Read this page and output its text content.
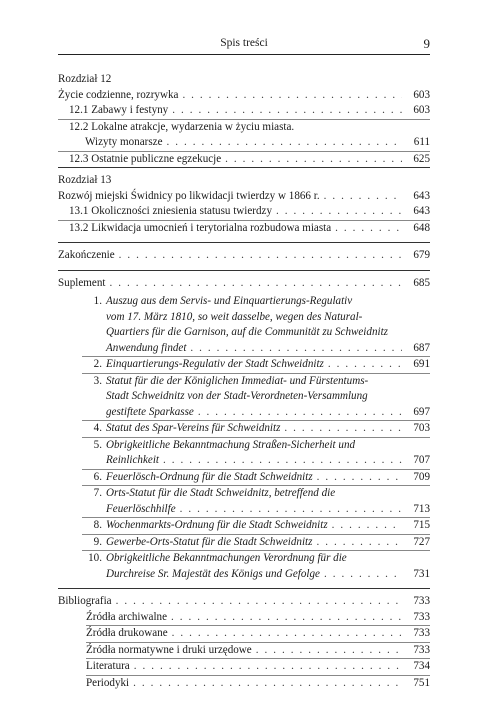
Spis treści	9
Rozdział 12
Życie codzienne, rozrywka . . .	603
12.1 Zabawy i festyny . . .	603
12.2 Lokalne atrakcje, wydarzenia w życiu miasta.
Wizyty monarsze . . .	611
12.3 Ostatnie publiczne egzekucje . . .	625
Rozdział 13
Rozwój miejski Świdnicy po likwidacji twierdzy w 1866 r. . . .	643
13.1 Okoliczności zniesienia statusu twierdzy . . .	643
13.2 Likwidacja umocnień i terytorialna rozbudowa miasta . . .	648
Zakończenie . . .	679
Suplement . . .	685
1. Auszug aus dem Servis- und Einquartierungs-Regulativ
vom 17. März 1810, so weit dasselbe, wegen des Natural-
Quartiers für die Garnison, auf die Communität zu Schweidnitz
Anwendung findet . . .	687
2. Einquartierungs-Regulativ der Stadt Schweidnitz . . .	691
3. Statut für die der Königlichen Immediat- und Fürstentums-
Stadt Schweidnitz von der Stadt-Verordneten-Versammlung
gestiftete Sparkasse . . .	697
4. Statut des Spar-Vereins für Schweidnitz . . .	703
5. Obrigkeitliche Bekanntmachung Straßen-Sicherheit und
Reinlichkeit . . .	707
6. Feuerlösch-Ordnung für die Stadt Schweidnitz . . .	709
7. Orts-Statut für die Stadt Schweidnitz, betreffend die
Feuerlöschhilfe . . .	713
8. Wochenmarkts-Ordnung für die Stadt Schweidnitz . . .	715
9. Gewerbe-Orts-Statut für die Stadt Schweidnitz . . .	727
10. Obrigkeitliche Bekanntmachungen Verordnung für die
Durchreise Sr. Majestät des Königs und Gefolge . . .	731
Bibliografia . . .	733
Źródła archiwalne . . .	733
Źródła drukowane . . .	733
Źródła normatywne i druki urzędowe . . .	733
Literatura . . .	734
Periodyki . . .	751
